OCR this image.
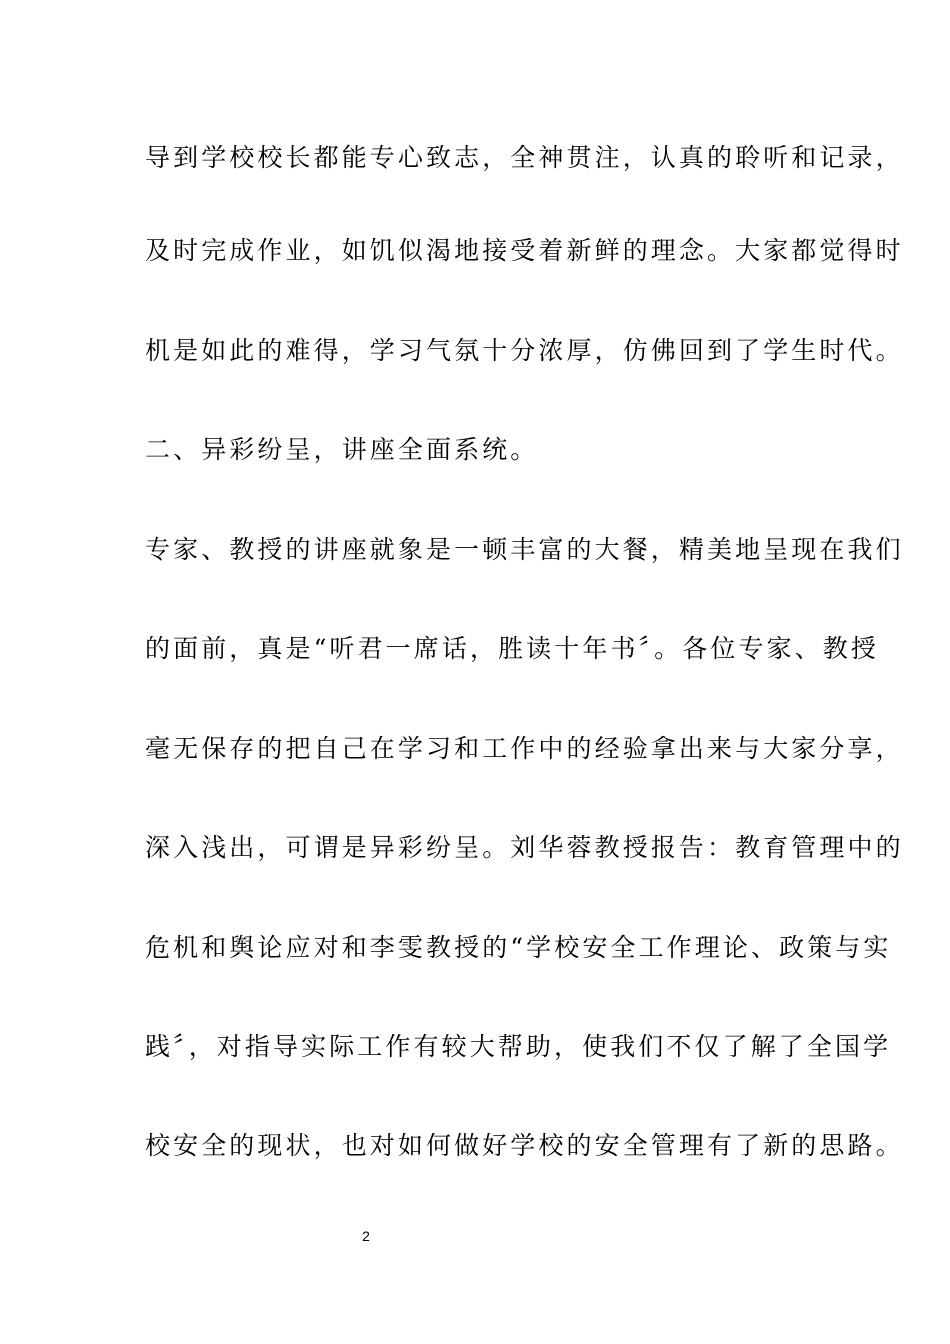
导到学校校长都能专心致志，全神贯注，认真的聆听和记录，
及时完成作业，如饥似渴地接受着新鲜的理念。大家都觉得时
机是如此的难得，学习气氛十分浓厚，仿佛回到了学生时代。
二、异彩纷呈，讲座全面系统。
专家、教授的讲座就象是一顿丰富的大餐，精美地呈现在我们
的面前，真是“听君一席话，胜读十年书〞。各位专家、教授
毫无保存的把自己在学习和工作中的经验拿出来与大家分享，
深入浅出，可谓是异彩纷呈。刘华蓉教授报告：教育管理中的
危机和舆论应对和李雯教授的“学校安全工作理论、政策与实
践〞，对指导实际工作有较大帮助，使我们不仅了解了全国学
校安全的现状，也对如何做好学校的安全管理有了新的思路。
2
